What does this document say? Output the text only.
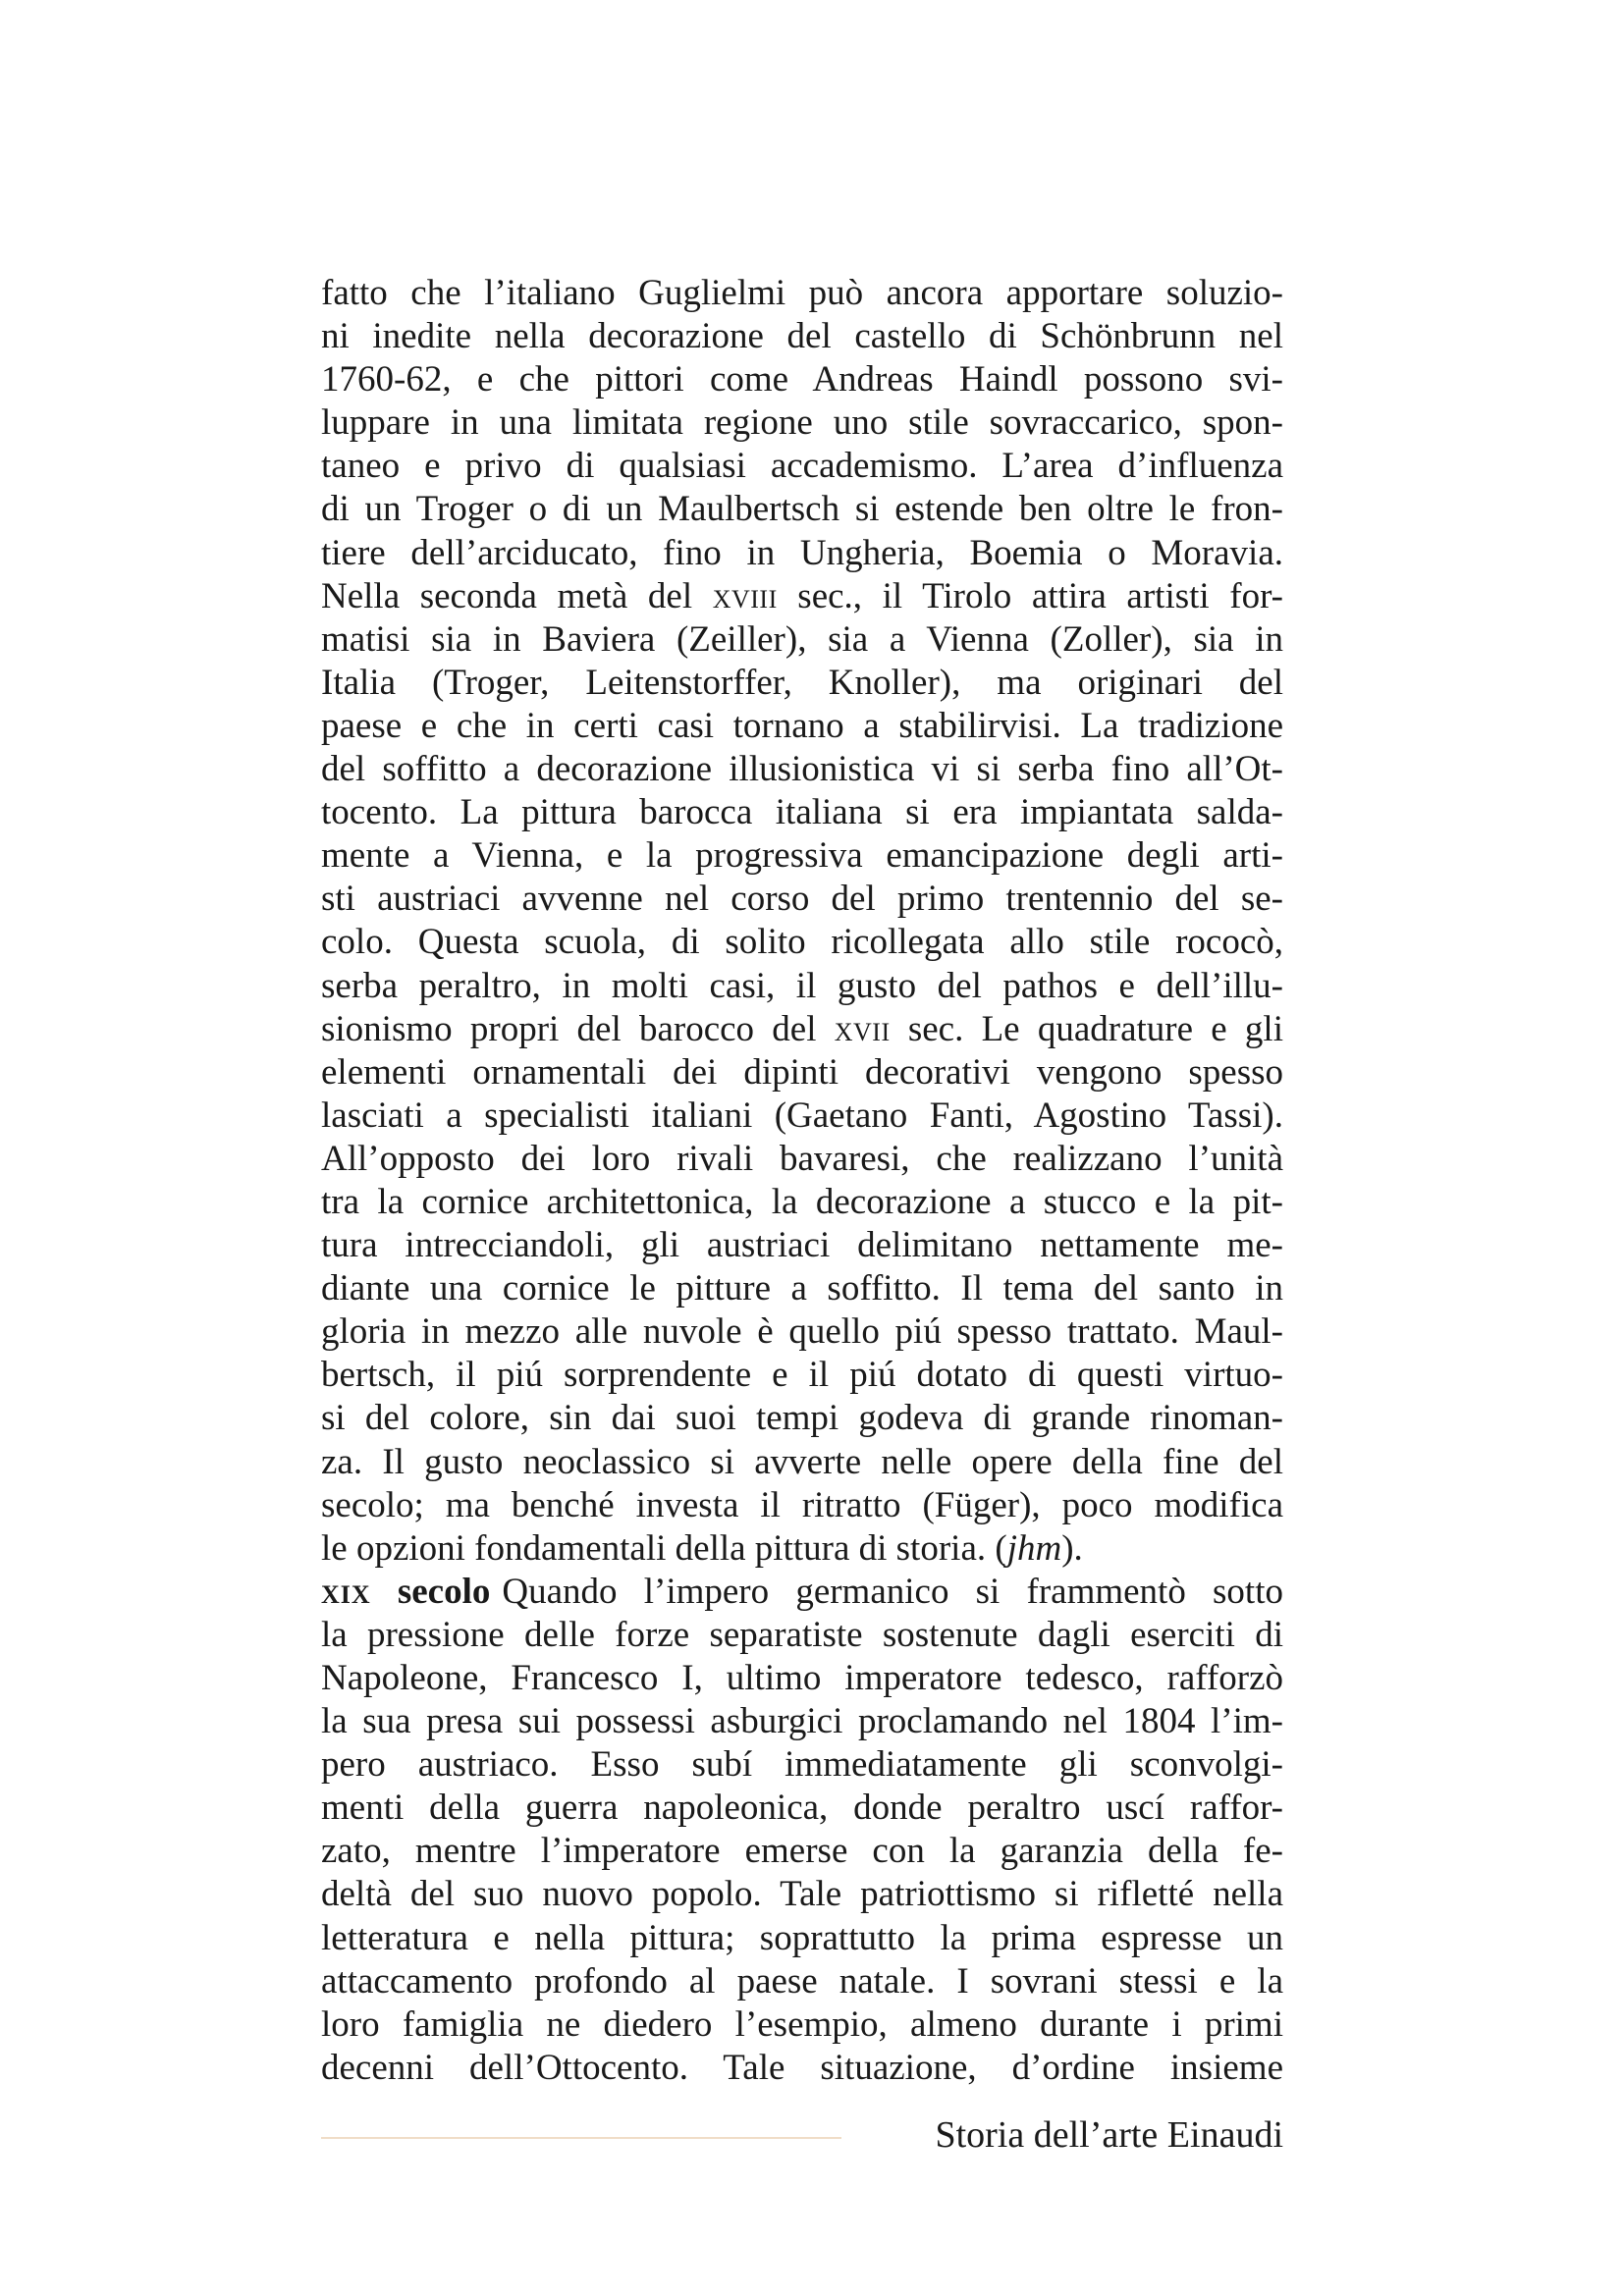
fatto che l’italiano Guglielmi può ancora apportare soluzio-
ni inedite nella decorazione del castello di Schönbrunn nel
1760-62, e che pittori come Andreas Haindl possono svi-
luppare in una limitata regione uno stile sovraccarico, spon-
taneo e privo di qualsiasi accademismo. L’area d’influenza
di un Troger o di un Maulbertsch si estende ben oltre le fron-
tiere dell’arciducato, fino in Ungheria, Boemia o Moravia.
Nella seconda metà del xviii sec., il Tirolo attira artisti for-
matisi sia in Baviera (Zeiller), sia a Vienna (Zoller), sia in
Italia (Troger, Leitenstorffer, Knoller), ma originari del
paese e che in certi casi tornano a stabilirvisi. La tradizione
del soffitto a decorazione illusionistica vi si serba fino all’Ot-
tocento. La pittura barocca italiana si era impiantata salda-
mente a Vienna, e la progressiva emancipazione degli arti-
sti austriaci avvenne nel corso del primo trentennio del se-
colo. Questa scuola, di solito ricollegata allo stile rococò,
serba peraltro, in molti casi, il gusto del pathos e dell’illu-
sionismo propri del barocco del xvii sec. Le quadrature e gli
elementi ornamentali dei dipinti decorativi vengono spesso
lasciati a specialisti italiani (Gaetano Fanti, Agostino Tassi).
All’opposto dei loro rivali bavaresi, che realizzano l’unità
tra la cornice architettonica, la decorazione a stucco e la pit-
tura intrecciandoli, gli austriaci delimitano nettamente me-
diante una cornice le pitture a soffitto. Il tema del santo in
gloria in mezzo alle nuvole è quello piú spesso trattato. Maul-
bertsch, il piú sorprendente e il piú dotato di questi virtuo-
si del colore, sin dai suoi tempi godeva di grande rinoman-
za. Il gusto neoclassico si avverte nelle opere della fine del
secolo; ma benché investa il ritratto (Füger), poco modifica
le opzioni fondamentali della pittura di storia. (jhm).
xix secolo Quando l’impero germanico si frammentò sotto
la pressione delle forze separatiste sostenute dagli eserciti di
Napoleone, Francesco I, ultimo imperatore tedesco, rafforzò
la sua presa sui possessi asburgici proclamando nel 1804 l’im-
pero austriaco. Esso subí immediatamente gli sconvolgi-
menti della guerra napoleonica, donde peraltro uscí raffor-
zato, mentre l’imperatore emerse con la garanzia della fe-
deltà del suo nuovo popolo. Tale patriottismo si rifletté nella
letteratura e nella pittura; soprattutto la prima espresse un
attaccamento profondo al paese natale. I sovrani stessi e la
loro famiglia ne diedero l’esempio, almeno durante i primi
decenni dell’Ottocento. Tale situazione, d’ordine insieme
Storia dell’arte Einaudi
